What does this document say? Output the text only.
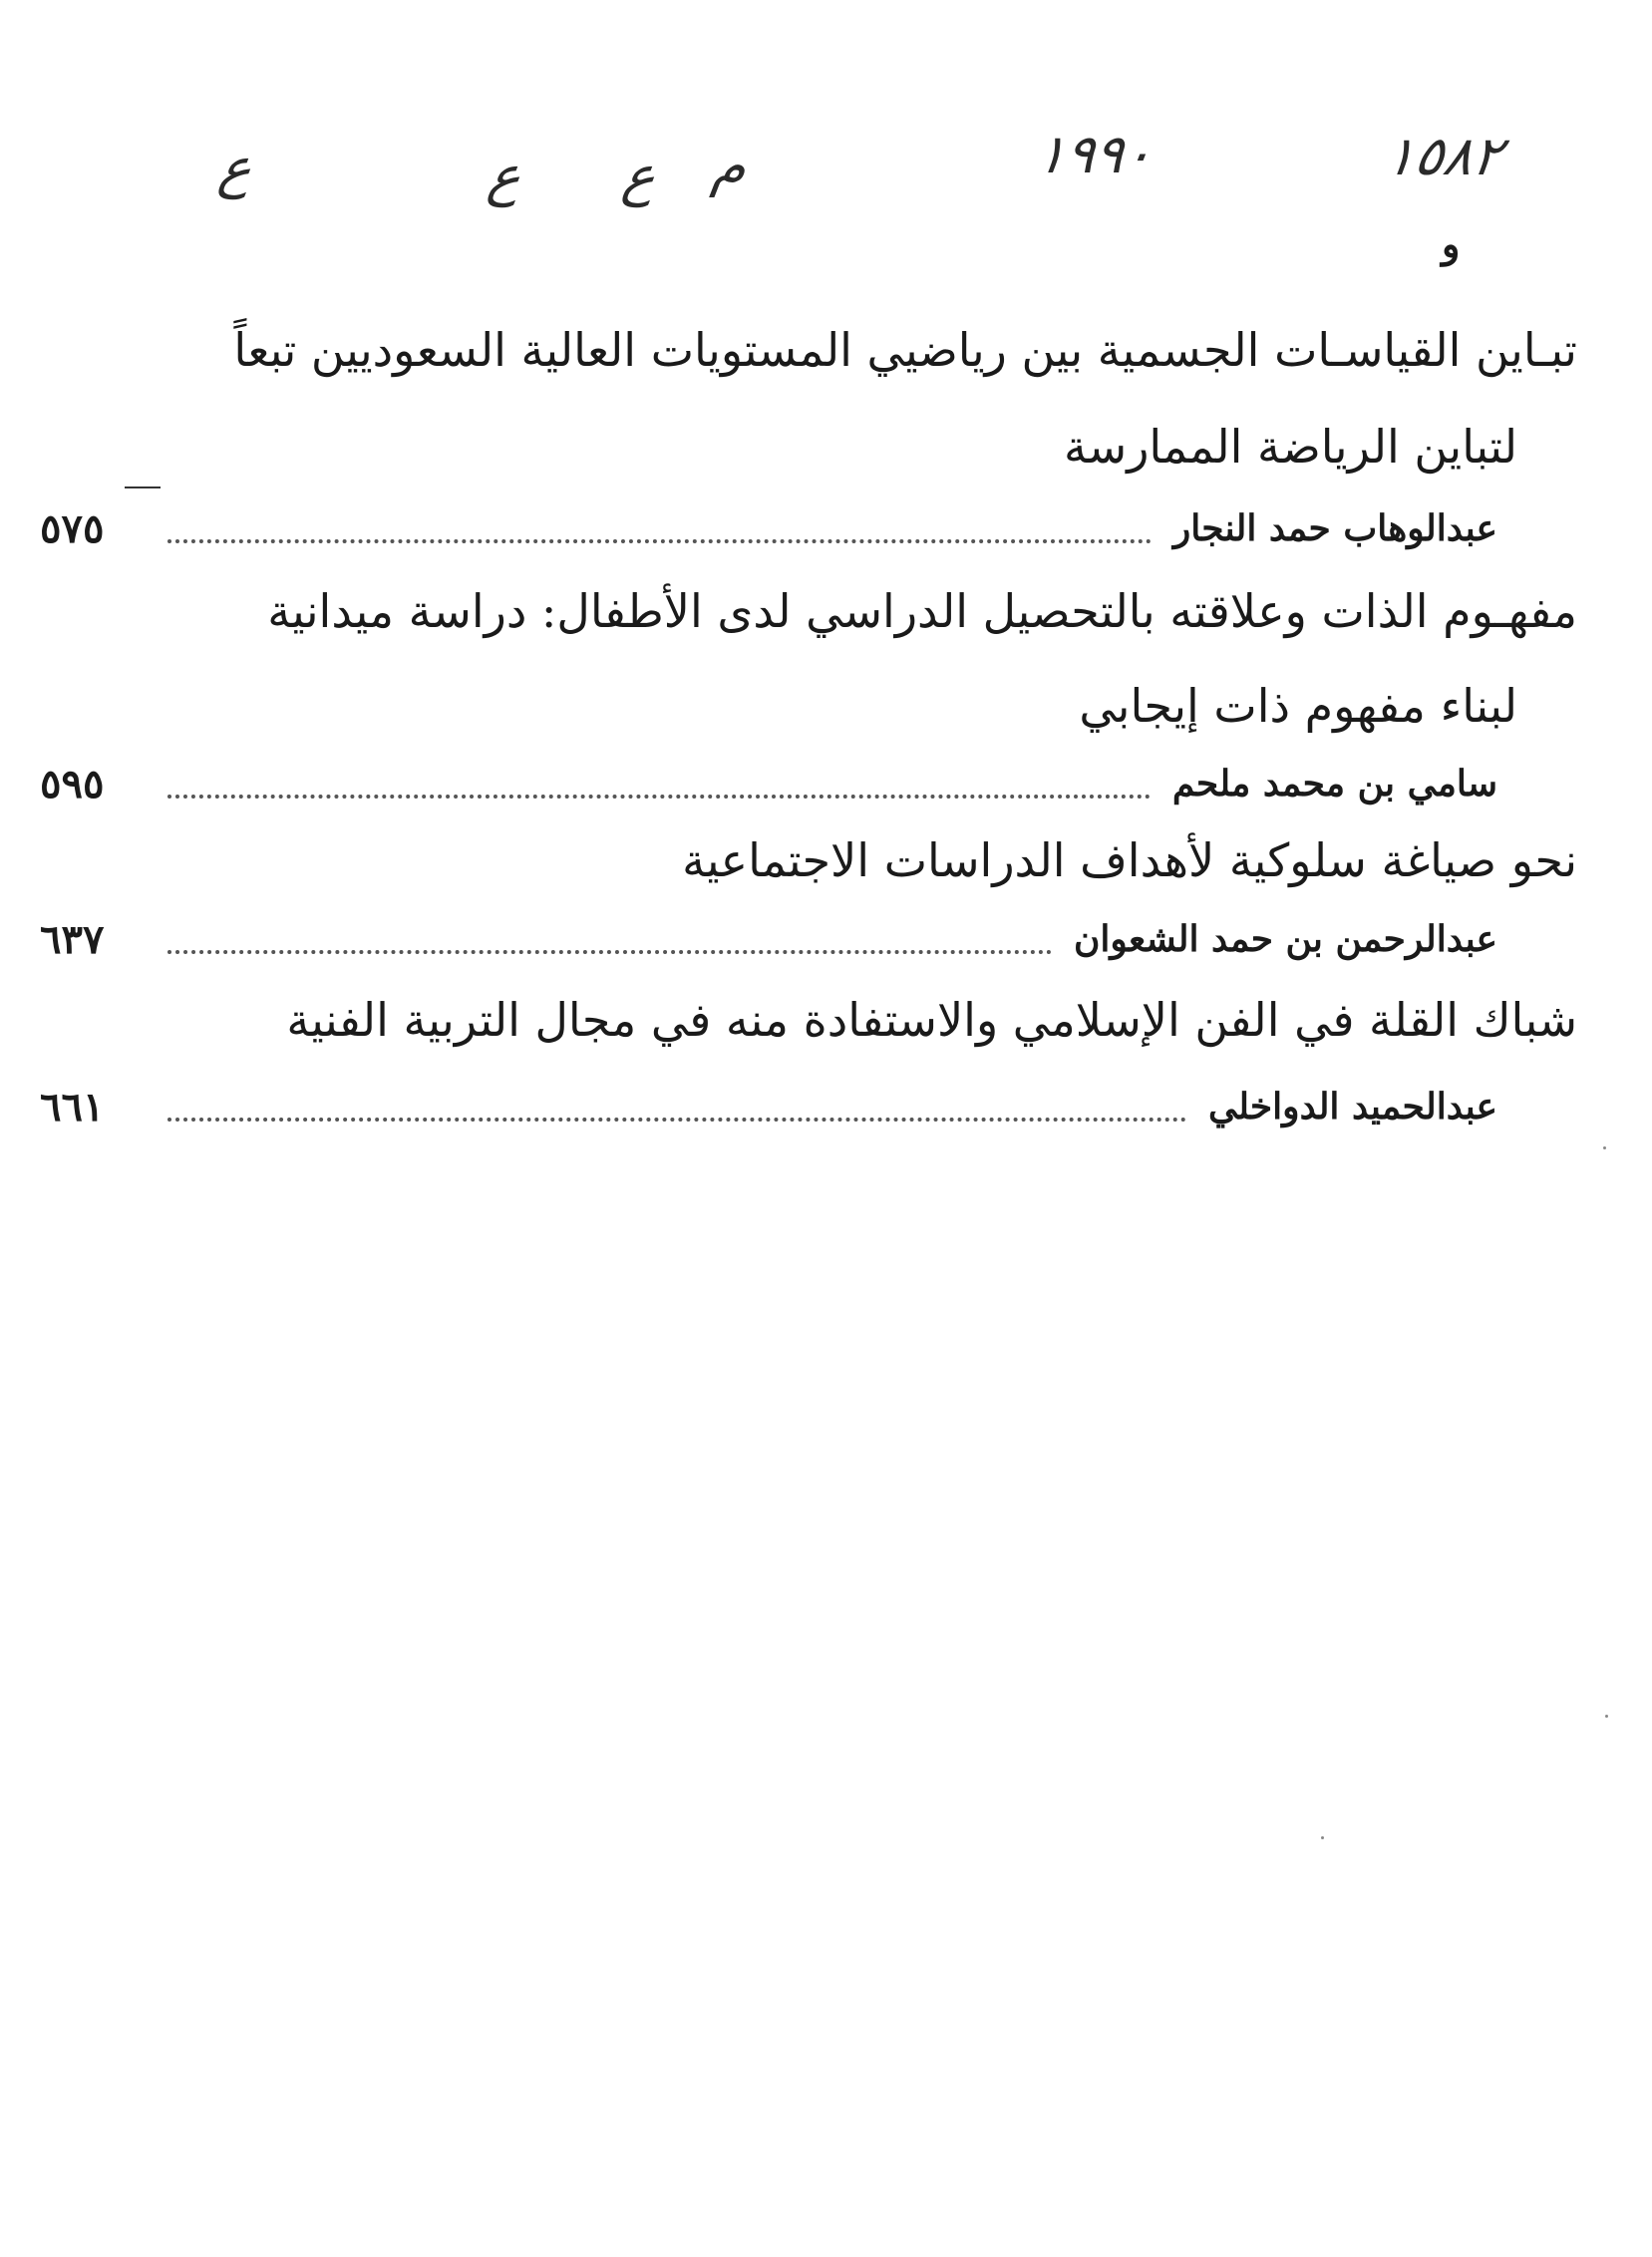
١٥٨٢
١٩٩٠
م
ع
ع
ع
و
تبـاين القياسـات الجسمية بين رياضيي المستويات العالية السعوديين تبعاً
لتباين الرياضة الممارسة
عبدالوهاب حمد النجار
٥٧٥
مفهـوم الذات وعلاقته بالتحصيل الدراسي لدى الأطفال: دراسة ميدانية
لبناء مفهوم ذات إيجابي
سامي بن محمد ملحم
٥٩٥
نحو صياغة سلوكية لأهداف الدراسات الاجتماعية
عبدالرحمن بن حمد الشعوان
٦٣٧
شباك القلة في الفن الإسلامي والاستفادة منه في مجال التربية الفنية
عبدالحميد الدواخلي
٦٦١
